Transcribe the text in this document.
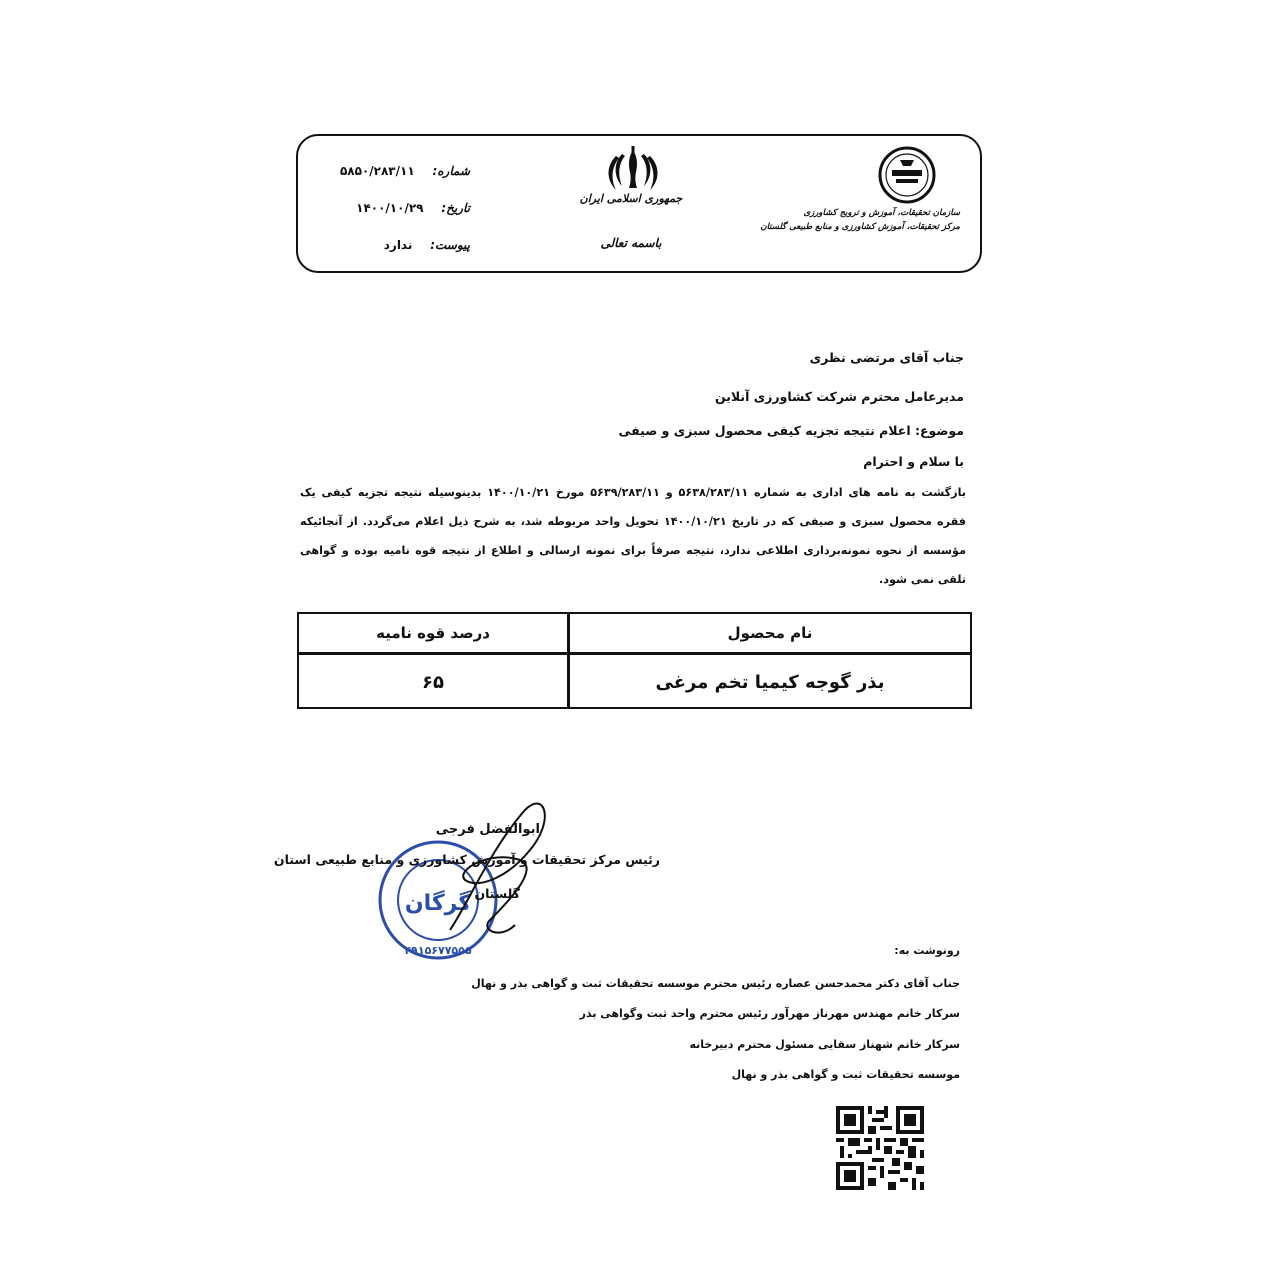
شماره: ۵۸۵۰/۲۸۳/۱۱
تاریخ: ۱۴۰۰/۱۰/۲۹
پیوست: ندارد
جمهوری اسلامی ایران
باسمه تعالی
سازمان تحقیقات، آموزش و ترویج کشاورزی
مرکز تحقیقات، آموزش کشاورزی و منابع طبیعی گلستان
جناب آقای مرتضی نظری
مدیرعامل محترم شرکت کشاورزی آنلاین
موضوع: اعلام نتیجه تجزیه کیفی محصول سبزی و صیفی
با سلام و احترام
بازگشت به نامه های اداری به شماره ۵۶۳۸/۲۸۳/۱۱ و ۵۶۳۹/۲۸۳/۱۱ مورخ ۱۴۰۰/۱۰/۲۱ بدینوسیله نتیجه تجزیه کیفی یک فقره محصول سبزی و صیفی که در تاریخ ۱۴۰۰/۱۰/۲۱ تحویل واحد مربوطه شد، به شرح ذیل اعلام می‌گردد. از آنجائیکه مؤسسه از نحوه نمونه‌برداری اطلاعی ندارد، نتیجه صرفاً برای نمونه ارسالی و اطلاع از نتیجه قوه نامیه بوده و گواهی تلقی نمی شود.
نام محصول
درصد قوه نامیه
بذر گوجه کیمیا تخم مرغی
۶۵
گرگان
۴۹۱۵۶۷۷۵۵۵
ابوالفضل فرجی
رئیس مرکز تحقیقات و آموزش کشاورزی و منابع طبیعی استان
گلستان
رونوشت به:
جناب آقای دکتر محمدحسن عصاره رئیس محترم موسسه تحقیقات ثبت و گواهی بذر و نهال
سرکار خانم مهندس مهرناز مهرآور رئیس محترم واحد ثبت وگواهی بذر
سرکار خانم شهناز سقایی مسئول محترم دبیرخانه
موسسه تحقیقات ثبت و گواهی بذر و نهال
